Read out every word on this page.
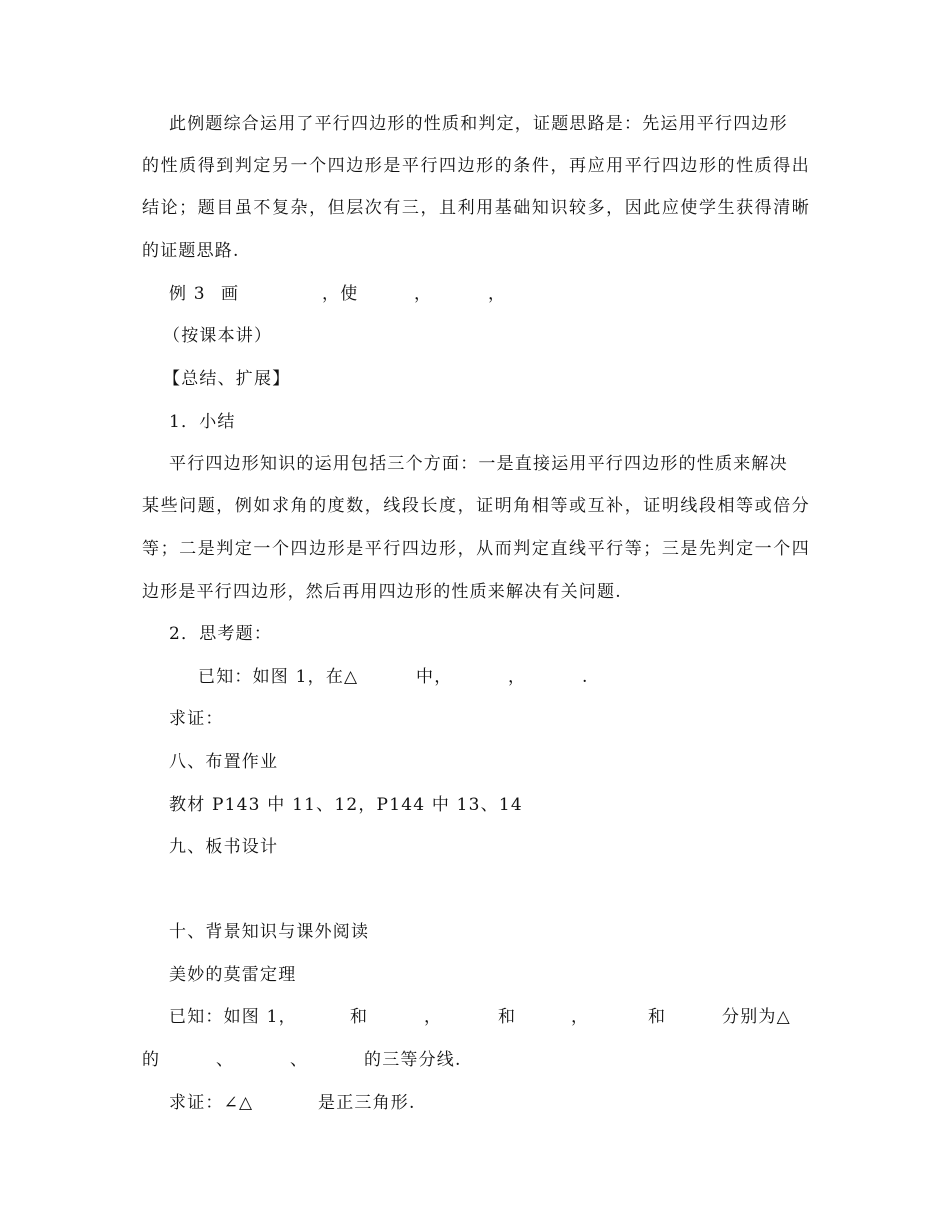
此例题综合运用了平行四边形的性质和判定，证题思路是：先运用平行四边形
的性质得到判定另一个四边形是平行四边形的条件，再应用平行四边形的性质得出
结论；题目虽不复杂，但层次有三，且利用基础知识较多，因此应使学生获得清晰
的证题思路.
例 3 画	，使	，	，
（按课本讲）
【总结、扩展】
1．小结
平行四边形知识的运用包括三个方面：一是直接运用平行四边形的性质来解决
某些问题，例如求角的度数，线段长度，证明角相等或互补，证明线段相等或倍分
等；二是判定一个四边形是平行四边形，从而判定直线平行等；三是先判定一个四
边形是平行四边形，然后再用四边形的性质来解决有关问题.
2．思考题：
已知：如图 1，在△	中，	，	.
求证：
八、布置作业
教材 P143 中 11、12，P144 中 13、14
九、板书设计
十、背景知识与课外阅读
美妙的莫雷定理
已知：如图 1，	和	，	和	，	和	分别为△
的	、	、	的三等分线.
求证：∠△	是正三角形.
